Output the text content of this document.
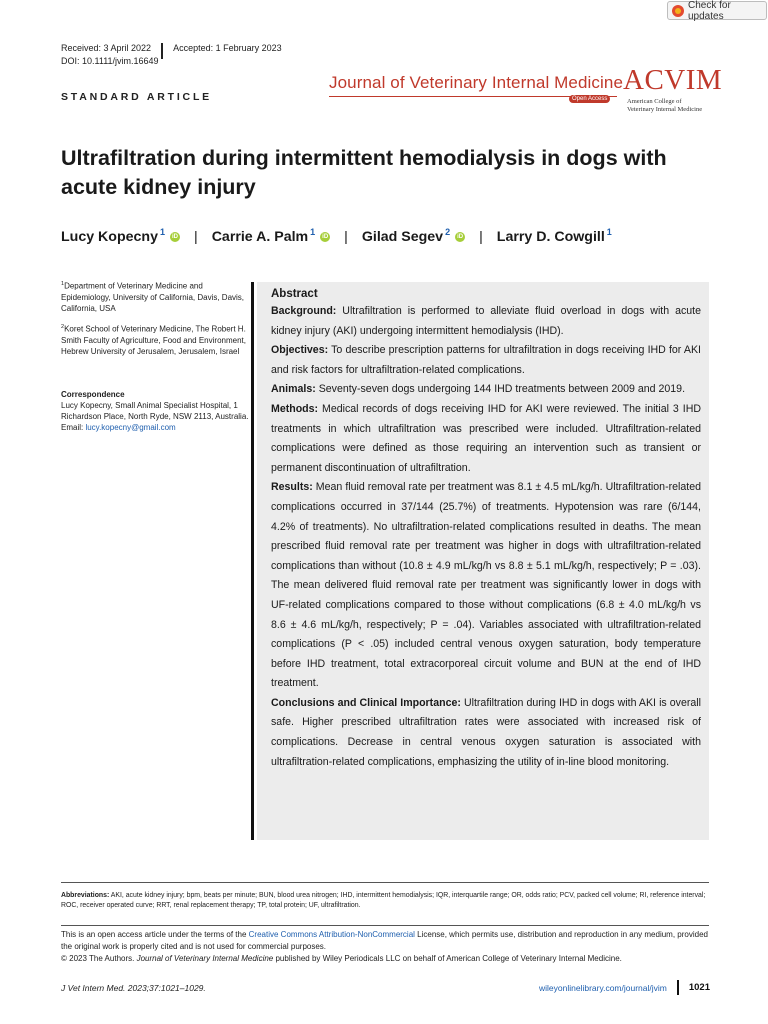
Check for updates
Received: 3 April 2022 Accepted: 1 February 2023
DOI: 10.1111/jvim.16649
Journal of Veterinary Internal Medicine
Open Access
ACVIM
American College of
Veterinary Internal Medicine
STANDARD ARTICLE
Ultrafiltration during intermittent hemodialysis in dogs with acute kidney injury
Lucy Kopecny 1	iD | Carrie A. Palm 1	iD | Gilad Segev 2	iD | Larry D. Cowgill 1
$^1$Department of Veterinary Medicine and Epidemiology, University of California, Davis, Davis, California, USA
$^2$Koret School of Veterinary Medicine, The Robert H. Smith Faculty of Agriculture, Food and Environment, Hebrew University of Jerusalem, Jerusalem, Israel
Correspondence
Lucy Kopecny, Small Animal Specialist Hospital, 1 Richardson Place, North Ryde, NSW 2113, Australia.
Email: lucy.kopecny@gmail.com
Abstract

Background: Ultrafiltration is performed to alleviate fluid overload in dogs with acute kidney injury (AKI) undergoing intermittent hemodialysis (IHD).

Objectives: To describe prescription patterns for ultrafiltration in dogs receiving IHD for AKI and risk factors for ultrafiltration-related complications.

Animals: Seventy-seven dogs undergoing 144 IHD treatments between 2009 and 2019.

Methods: Medical records of dogs receiving IHD for AKI were reviewed. The initial 3 IHD treatments in which ultrafiltration was prescribed were included. Ultrafiltration-related complications were defined as those requiring an intervention such as transient or permanent discontinuation of ultrafiltration.

Results: Mean fluid removal rate per treatment was 8.1 ± 4.5 mL/kg/h. Ultrafiltration-related complications occurred in 37/144 (25.7%) of treatments. Hypotension was rare (6/144, 4.2% of treatments). No ultrafiltration-related complications resulted in deaths. The mean prescribed fluid removal rate per treatment was higher in dogs with ultrafiltration-related complications than without (10.8 ± 4.9 mL/kg/h vs 8.8 ± 5.1 mL/kg/h, respectively; P = .03). The mean delivered fluid removal rate per treatment was significantly lower in dogs with UF-related complications compared to those without complications (6.8 ± 4.0 mL/kg/h vs 8.6 ± 4.6 mL/kg/h, respectively; P = .04). Variables associated with ultrafiltration-related complications (P < .05) included central venous oxygen saturation, body temperature before IHD treatment, total extracorporeal circuit volume and BUN at the end of IHD treatment.

Conclusions and Clinical Importance: Ultrafiltration during IHD in dogs with AKI is overall safe. Higher prescribed ultrafiltration rates were associated with increased risk of complications. Decrease in central venous oxygen saturation is associated with ultrafiltration-related complications, emphasizing the utility of in-line blood monitoring.

Abbreviations: AKI, acute kidney injury; bpm, beats per minute; BUN, blood urea nitrogen; IHD, intermittent hemodialysis; IQR, interquartile range; OR, odds ratio; PCV, packed cell volume; RI, reference interval; ROC, receiver operated curve; RRT, renal replacement therapy; TP, total protein; UF, ultrafiltration.
This is an open access article under the terms of the Creative Commons Attribution-NonCommercial License, which permits use, distribution and reproduction in any medium, provided the original work is properly cited and is not used for commercial purposes.
© 2023 The Authors. Journal of Veterinary Internal Medicine published by Wiley Periodicals LLC on behalf of American College of Veterinary Internal Medicine.
J Vet Intern Med. 2023;37:1021–1029.	wileyonlinelibrary.com/journal/jvim 1021
